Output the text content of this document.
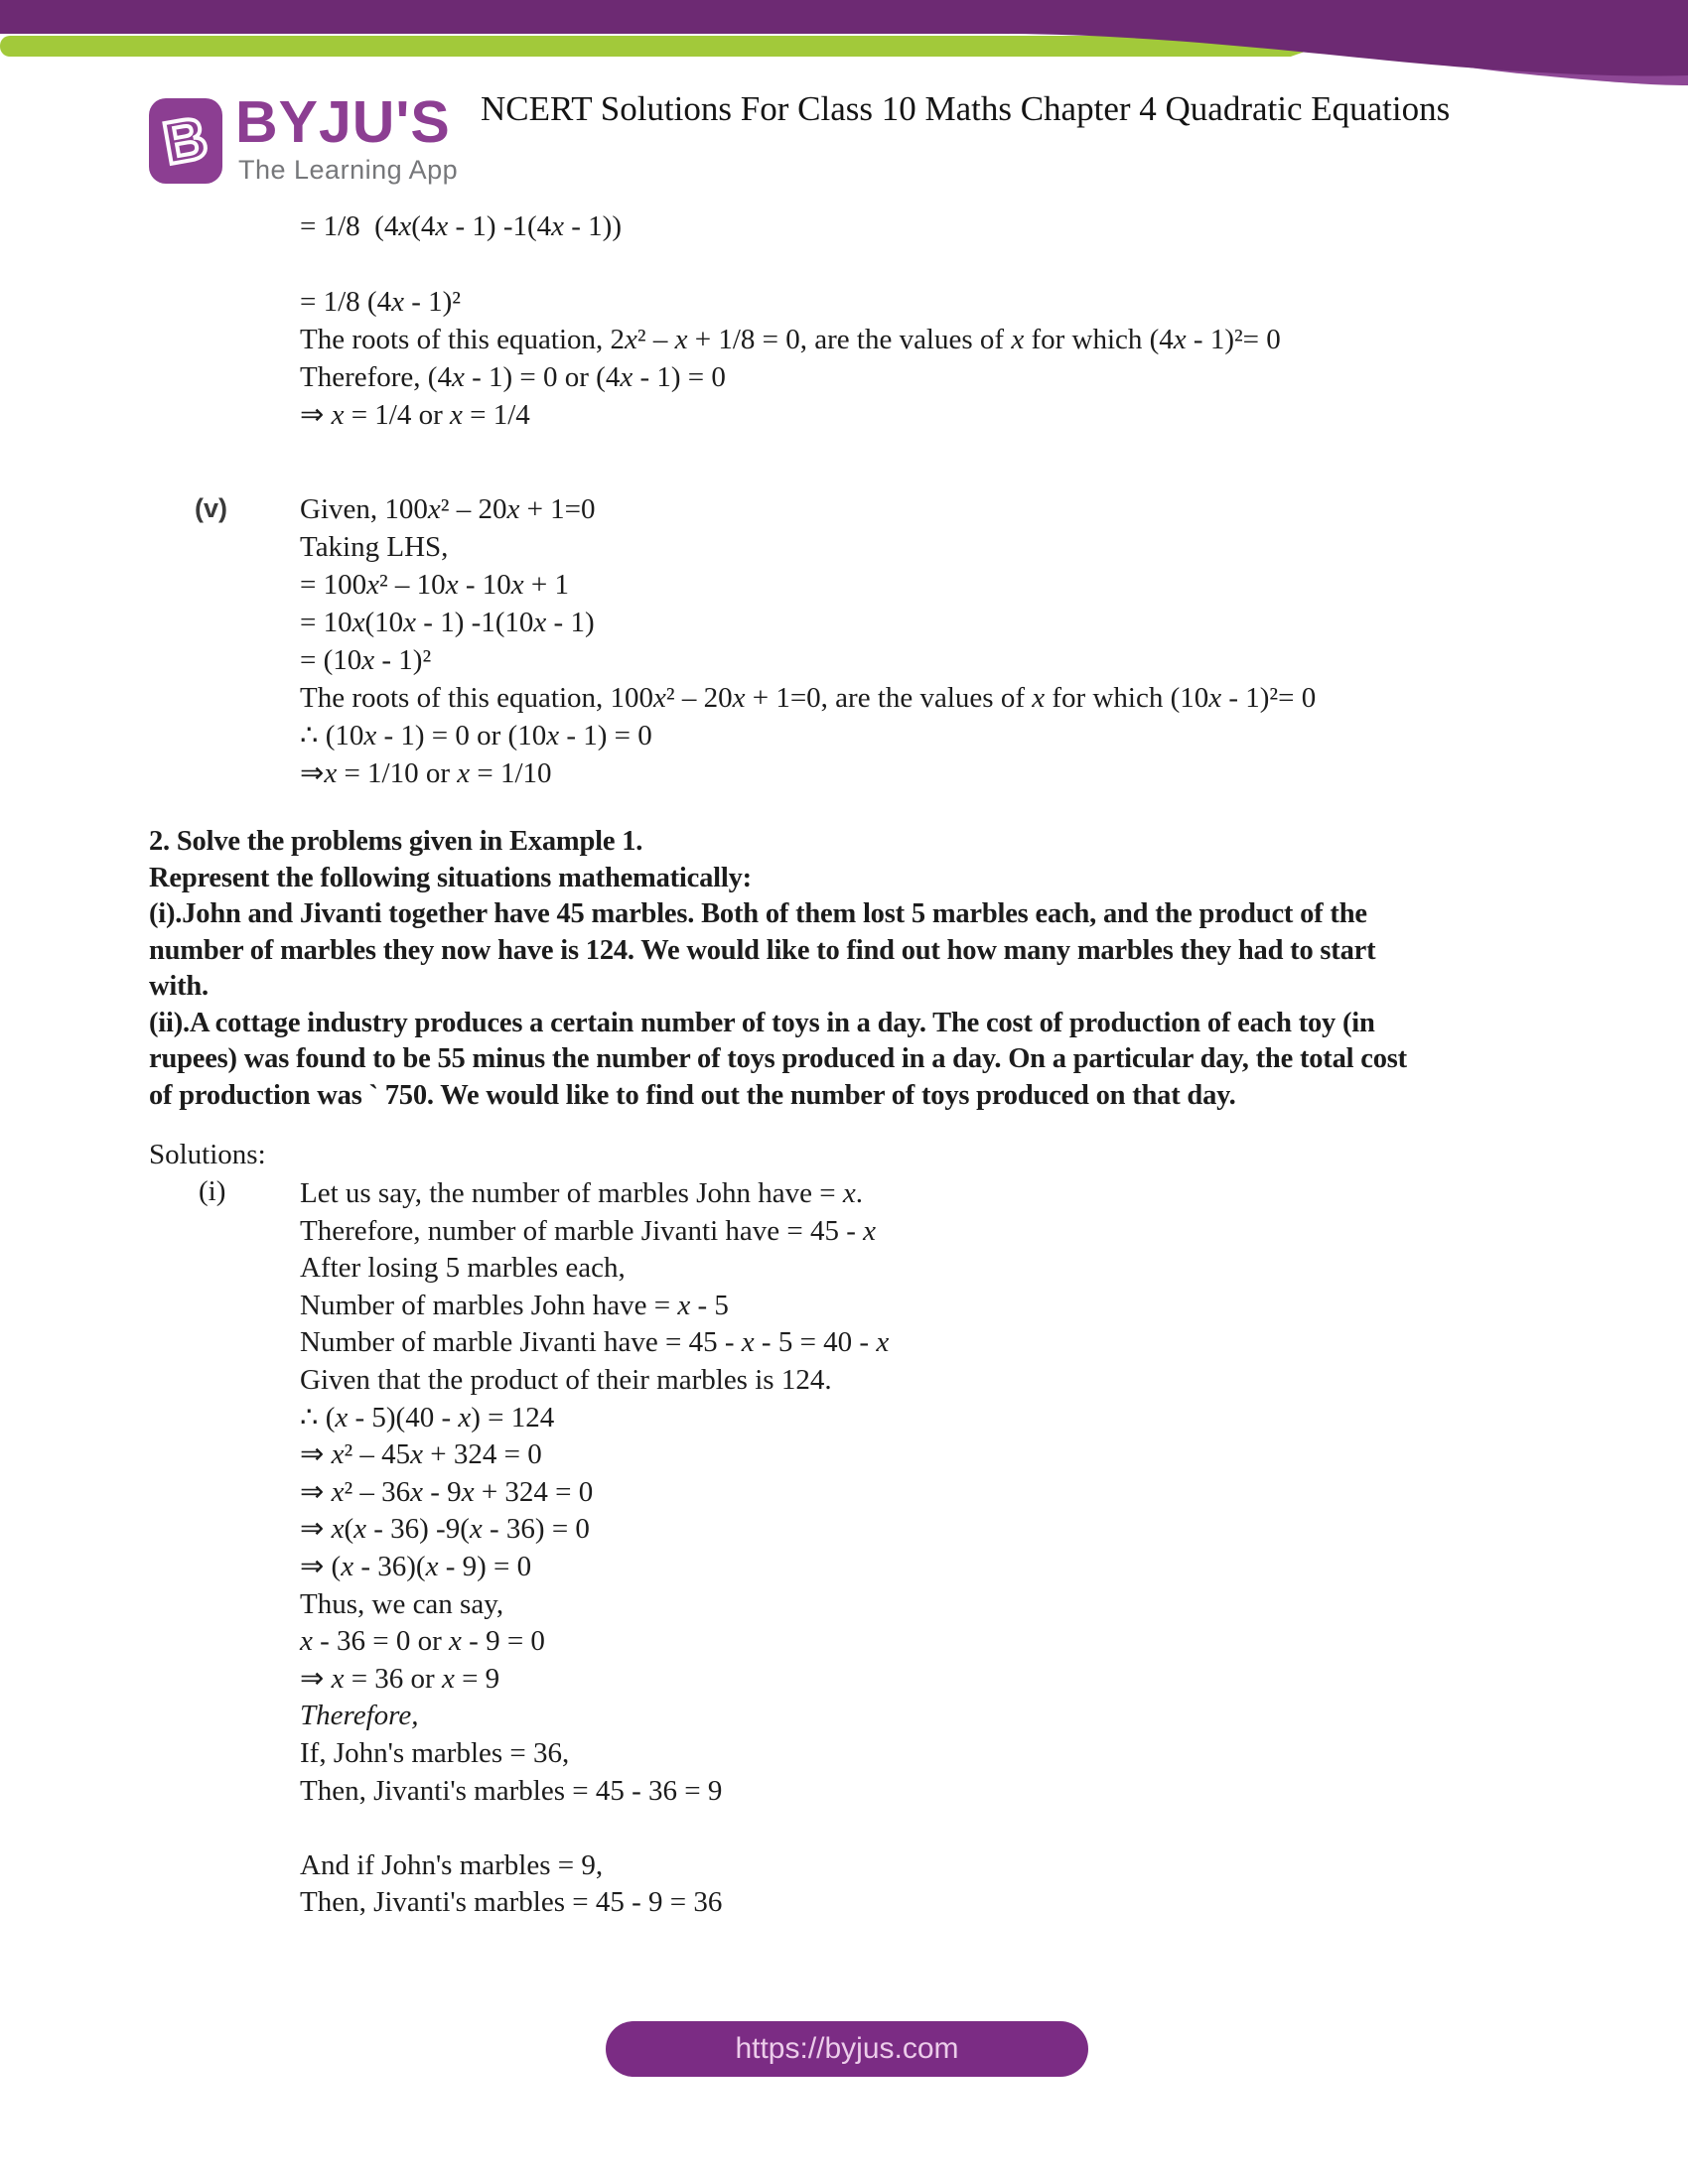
B BYJU'S
The Learning App
NCERT Solutions For Class 10 Maths Chapter 4 Quadratic Equations
= 1/8  (4x(4x - 1) -1(4x - 1))

= 1/8 (4x - 1)²
The roots of this equation, 2x² – x + 1/8 = 0, are the values of x for which (4x - 1)²= 0
Therefore, (4x - 1) = 0 or (4x - 1) = 0
⇒ x = 1/4 or x = 1/4
(v)	Given, 100x² – 20x + 1=0
Taking LHS,
= 100x² – 10x - 10x + 1
= 10x(10x - 1) -1(10x - 1)
= (10x - 1)²
The roots of this equation, 100x² – 20x + 1=0, are the values of x for which (10x - 1)²= 0
∴ (10x - 1) = 0 or (10x - 1) = 0
⇒x = 1/10 or x = 1/10
2. Solve the problems given in Example 1.
Represent the following situations mathematically:
(i).John and Jivanti together have 45 marbles. Both of them lost 5 marbles each, and the product of the
number of marbles they now have is 124. We would like to find out how many marbles they had to start
with.
(ii).A cottage industry produces a certain number of toys in a day. The cost of production of each toy (in
rupees) was found to be 55 minus the number of toys produced in a day. On a particular day, the total cost
of production was ` 750. We would like to find out the number of toys produced on that day.
Solutions:
(i)	Let us say, the number of marbles John have = x.
Therefore, number of marble Jivanti have = 45 - x
After losing 5 marbles each,
Number of marbles John have = x - 5
Number of marble Jivanti have = 45 - x - 5 = 40 - x
Given that the product of their marbles is 124.
∴ (x - 5)(40 - x) = 124
⇒ x² – 45x + 324 = 0
⇒ x² – 36x - 9x + 324 = 0
⇒ x(x - 36) -9(x - 36) = 0
⇒ (x - 36)(x - 9) = 0
Thus, we can say,
x - 36 = 0 or x - 9 = 0
⇒ x = 36 or x = 9
Therefore,
If, John's marbles = 36,
Then, Jivanti's marbles = 45 - 36 = 9

And if John's marbles = 9,
Then, Jivanti's marbles = 45 - 9 = 36
https://byjus.com
